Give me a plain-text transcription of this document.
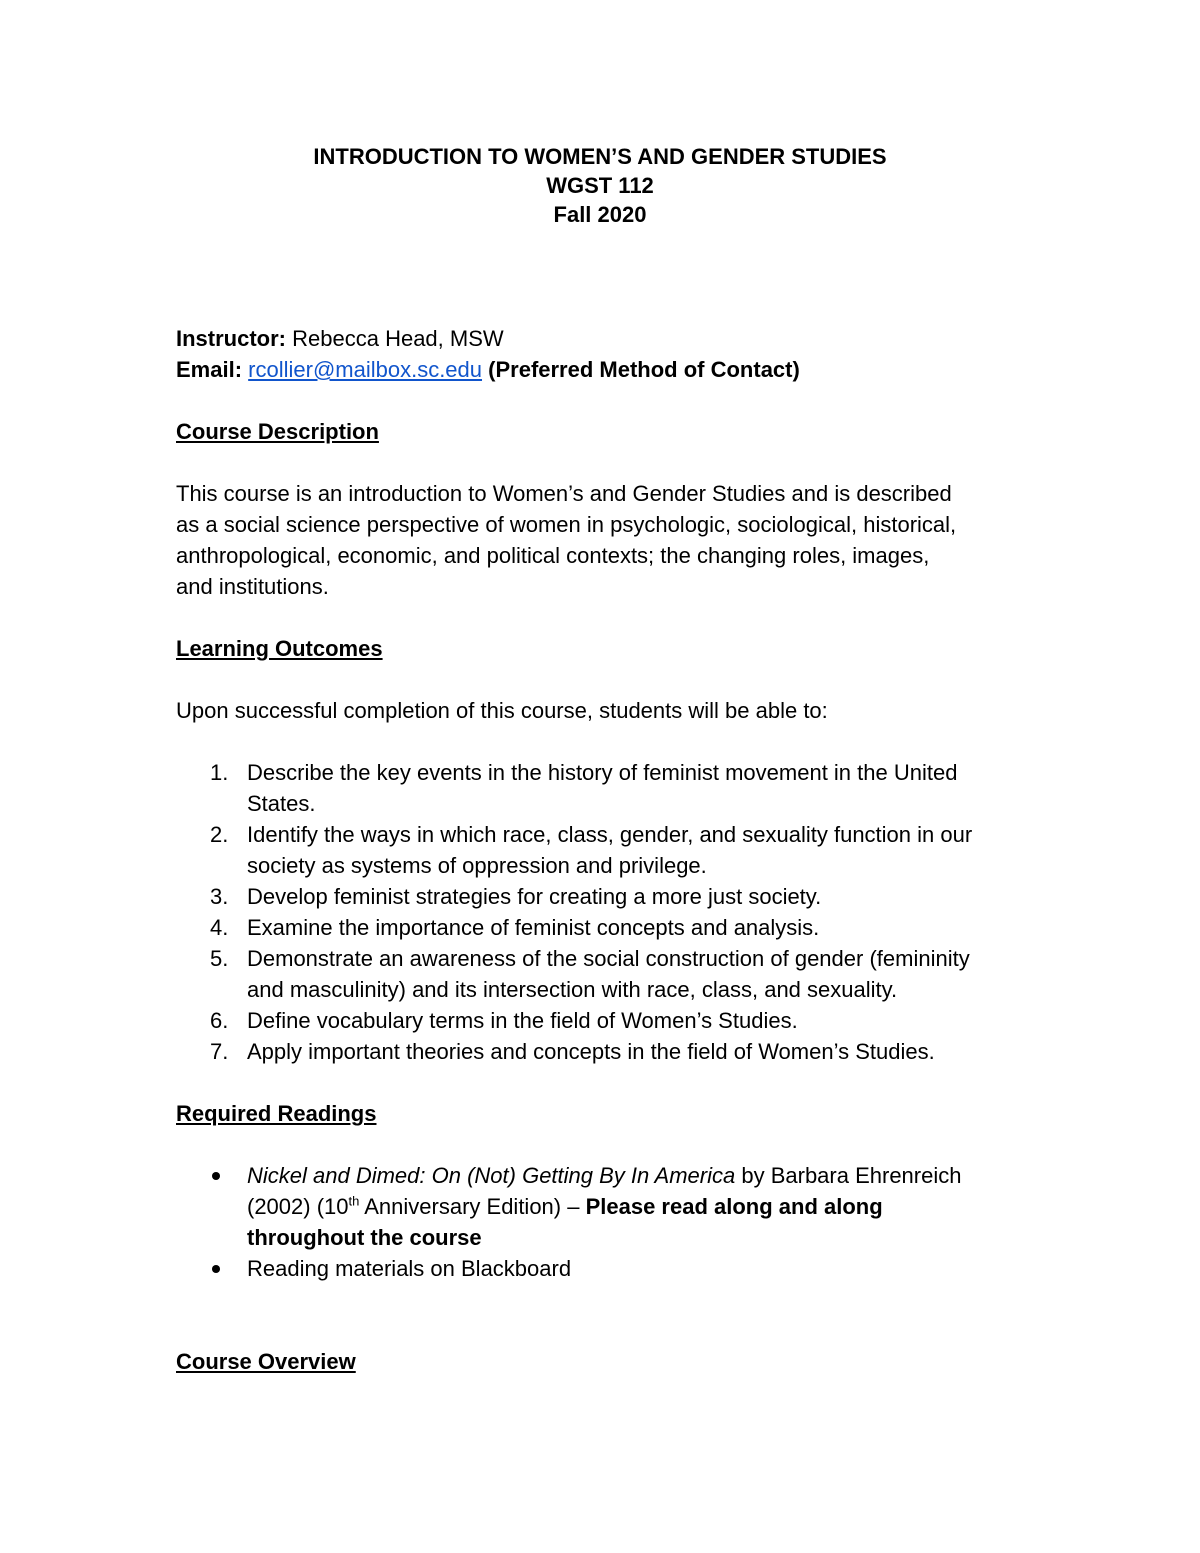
INTRODUCTION TO WOMEN’S AND GENDER STUDIES
WGST 112
Fall 2020

Instructor: Rebecca Head, MSW

Email: rcollier@mailbox.sc.edu (Preferred Method of Contact)

Course Description

This course is an introduction to Women’s and Gender Studies and is described

as a social science perspective of women in psychologic, sociological, historical,

anthropological, economic, and political contexts; the changing roles, images,

and institutions.

Learning Outcomes

Upon successful completion of this course, students will be able to:

1. Describe the key events in the history of feminist movement in the United
States.
2. Identify the ways in which race, class, gender, and sexuality function in our
society as systems of oppression and privilege.
3. Develop feminist strategies for creating a more just society.
4. Examine the importance of feminist concepts and analysis.
5. Demonstrate an awareness of the social construction of gender (femininity
and masculinity) and its intersection with race, class, and sexuality.
6. Define vocabulary terms in the field of Women’s Studies.
7. Apply important theories and concepts in the field of Women’s Studies.

Required Readings

Nickel and Dimed: On (Not) Getting By In America by Barbara Ehrenreich
(2002) (10th Anniversary Edition) – Please read along and along
throughout the course
Reading materials on Blackboard

Course Overview
